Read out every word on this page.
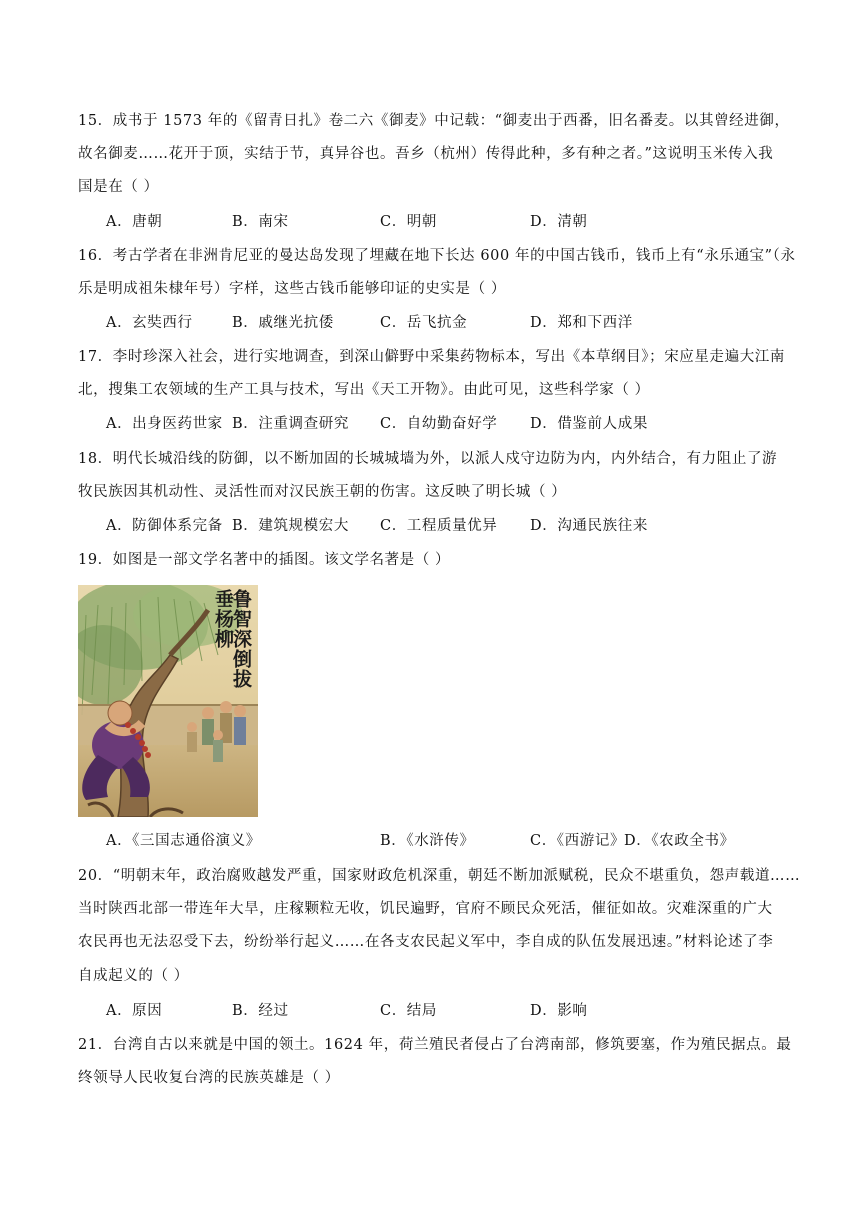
15．成书于 1573 年的《留青日扎》卷二六《御麦》中记载：“御麦出于西番，旧名番麦。以其曾经进御，
故名御麦……花开于顶，实结于节，真异谷也。吾乡（杭州）传得此种，多有种之者。”这说明玉米传入我
国是在（ ）
A．唐朝	B．南宋	C．明朝	D．清朝
16．考古学者在非洲肯尼亚的曼达岛发现了埋藏在地下长达 600 年的中国古钱币，钱币上有“永乐通宝”（永
乐是明成祖朱棣年号）字样，这些古钱币能够印证的史实是（ ）
A．玄奘西行	B．戚继光抗倭	C．岳飞抗金	D．郑和下西洋
17．李时珍深入社会，进行实地调查，到深山僻野中采集药物标本，写出《本草纲目》；宋应星走遍大江南
北，搜集工农领域的生产工具与技术，写出《天工开物》。由此可见，这些科学家（ ）
A．出身医药世家 B．注重调查研究 C．自幼勤奋好学 D．借鉴前人成果
18．明代长城沿线的防御，以不断加固的长城城墙为外，以派人戍守边防为内，内外结合，有力阻止了游
牧民族因其机动性、灵活性而对汉民族王朝的伤害。这反映了明长城（ ）
A．防御体系完备 B．建筑规模宏大 C．工程质量优异 D．沟通民族往来
19．如图是一部文学名著中的插图。该文学名著是（ ）
鲁智深倒拔
垂杨柳
A．《三国志通俗演义》	B．《水浒传》	C．《西游记》
D．《农政全书》
20．“明朝末年，政治腐败越发严重，国家财政危机深重，朝廷不断加派赋税，民众不堪重负，怨声载道……
当时陕西北部一带连年大旱，庄稼颗粒无收，饥民遍野，官府不顾民众死活，催征如故。灾难深重的广大
农民再也无法忍受下去，纷纷举行起义……在各支农民起义军中，李自成的队伍发展迅速。”材料论述了李
自成起义的（ ）
A．原因	B．经过	C．结局	D．影响
21．台湾自古以来就是中国的领土。1624 年，荷兰殖民者侵占了台湾南部，修筑要塞，作为殖民据点。最
终领导人民收复台湾的民族英雄是（ ）
